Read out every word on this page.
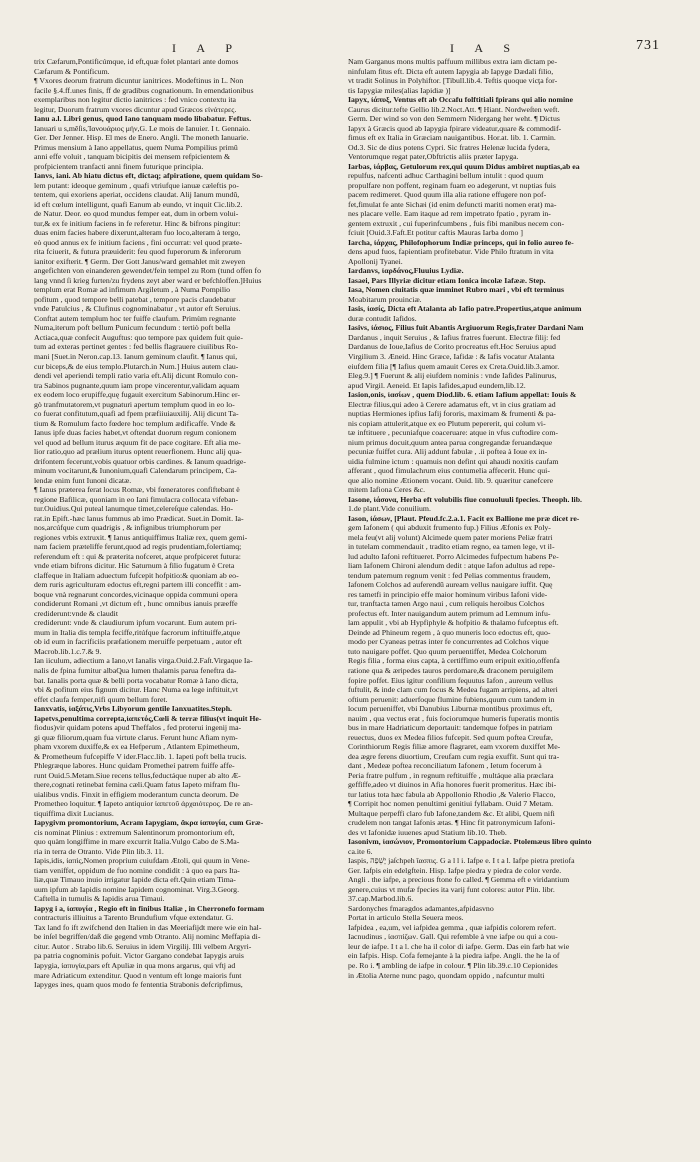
I A P	I A S	731
trix Cæfarum,Pontificúmque, id eft,quæ folet plantari ante domos
Cæfarum & Pontificum.
¶ Vxores deorum fratrum dicuntur ianitrices. Modeftinus in L. Non
facile §.4.ff.unes finis, ff de gradibus cognationum. In emendationibus
exemplaribus non legitur dictio ianitrices : fed vnico contextu ita
legitur, Duorum fratrum vxores dicuntur apud Græcos εἰνάτερες.
Ianu a.l. Libri genus, quod Iano tanquam modo libabatur. Feftus.
Ianuari u s,mẽſis,Ἰανουάριος μήν,G. Le mois de Ianuier. I t. Gennaio.
Ger. Der Jenner. Hisp. El mes de Enero. Angli. The moneth Ianuarie.
Primus mensium à Iano appellatus, quem Numa Pompilius primũ
anni effe voluit , tanquam bicipitis dei mensem refpicientem &
profpicientem tranfacti anni finem futurique principia.
Ianvs, iani. Ab hiatu dictus eft, dictaq; afpiratione, quem quidam So-
lem putant: ideoque geminum , quafi vtriufque ianuæ cæleftis po-
tentem, qui exoriens aperiat, occidens claudat. Alij Ianum mundũ,
id eft cœlum intelligunt, quafi Eanum ab eundo, vt inquit Cic.lib.2.
de Natur. Deor. eo quod mundus femper eat, dum in orbem volui-
tur,& ex fe initium faciens in fe referetur. Hinc & bifrons pingitur:
duas enim facies habere dixerunt,alteram fuo loco,alteram à tergo,
eò quod annus ex fe initium faciens , fini occurrat: vel quod præte-
rita fciuerit, & futura præuiderit: feu quod fuperorum & inferorum
ianitor exifterit. ¶ Germ. Der Gott Janus/ward gemahlet mit zweyen
angefichten von einanderen gewendet/fein tempel zu Rom (tund offen fo
lang vnnd ſi krieg furten/zu frydens zeyt aber ward er befchloffen.]Huius
templum erat Romæ ad infimum Argiletum , à Numa Pompilio
pofitum , quod tempore belli patebat , tempore pacis claudebatur
vnde Patulcius , & Clufinus cognominabatur , vt autor eft Seruius.
Conftat autem templum hoc ter fuiffe claufum. Primùm regnante
Numa,iterum poft bellum Punicum fecundum : tertiò poft bella
Actiaca,quæ confecit Auguftus: quo tempore pax quidem fuit quie-
tum ad exteras pertinet gentes : fed bellis flagrauere ciuilibus Ro-
mani [Suet.in Neron.cap.13. Ianum geminum claufit. ¶ Ianus qui,
cur biceps,& de eius templo.Plutarch.in Num.] Huius autem clau-
dendi vel aperiendi templi ratio varia eft.Alij dicunt Romulo con-
tra Sabinos pugnante,quum iam prope vincerentur,validam aquam
ex eodem loco erupiffe,quę fugauit exercitum Sabinorum.Hinc er-
gò tranfmutatorem,vt pugnaturi apertum templum quod in eo lo-
co fuerat confitutum,quafi ad fpem præfiiuiauxilij. Alij dicunt Ta-
tium & Romulum facto fœdere hoc templum ædificaffe. Vnde &
Ianus ipfe duas facies habet,vt oftendat duorum regum conionem
vel quod ad bellum iturus æquum fit de pace cogitare. Eft alia me-
lior ratio,quo ad prælium iturus optent reuerfionem. Hunc alij qua-
drifontem fecerunt,vobis quatuor orbis cardines. & Ianum quadrige-
minum vocitarunt,& Iunonium,quafi Calendarum principem, Ca-
lendæ enim funt Iunoni dicatæ.
¶ Ianus præterea ferat locus Romæ, vbi fœneratores confiftebant è
regione Bafilicæ, quoniam in eo Iani fimulacra collocata vifeban-
tur.Ouidius.Qui puteal lanumque timet,celereſque calendas. Ho-
rat.in Epift.-hæc lanus fummus ab imo Prædicat. Suet.in Domit. Ia-
nos,arcúfque cum quadrigis , & infignibus triumphorum per
regiones vrbis extruxit. ¶ Ianus antiquiffimus Italiæ rex, quem gemi-
nam faciem præteliffe ferunt,quod ad regis prudentiam,folertiamq;
referendum eft : qui & præterita nofceret, atque profpiceret futura:
vnde etiam bifrons dicitur. Hic Saturnum à filio fugatum è Creta
claffeque in Italiam aduectum fufcepit hofpitio:& quoniam ab eo-
dem ruris agriculturam edoctus eft,regni partem illi conceffit : am-
boque vnà regnarunt concordes,vicinaque oppida communi opera
condiderunt Romani ,vt dictum eft , hunc omnibus ianuis præeffe
crediderunt:vnde & claudit
crediderunt: vnde & claudiurum ipfum vocarunt. Eum autem pri-
mum in Italia dis templa feciffe,ritúfque facrorum inftituiffe,atque
ob id eum in facrificiis præfationem meruiffe perpetuam , autor eft
Macrob.lib.1.c.7.& 9.
Ian iiculum, adiectium a Iano,vt Ianalis virga.Ouid.2.Faſt.Virgaque Ia-
nalis de fpina fumitur albaQua lumen thalamis parua feneftra da-
bat. Ianalis porta quæ & belli porta vocabatur Romæ à Iano dicta,
vbi & pofitum eius fignum dicitur. Hanc Numa ea lege inftituit,vt
effet claufa femper,nifi quum bellum foret.
Ianxvatis, ἰαξάτις,Vrbs Libyorum gentile Ianxuatites.Steph.
Iapetvs,penultima correpta,ἰαπετός,Cœli & terræ filius(vt inquit He-
fiodus)vir quidam potens apud Theffalos , fed proterui ingenij ma-
gi quæ filiorum,quam fua virtute clarus. Ferunt hunc Afiam nym-
pham vxorem duxiffe,& ex ea Hefperum , Atlantem Epimetheum,
& Prometheum fufcepiffe V ider.Flacc.lib. 1. Iapeti poft bella trucis.
Phlegræque labores. Hunc quidam Prometheí patrem fuiffe affe-
runt Ouid.5.Metam.Siue recens tellus,feductáque nuper ab alto Æ-
there,cognati retinebat femina cæli.Quam fatus Iapeto mifram flu-
uialibus vndis. Finxit in effigiem moderantum cuncta deorum. De
Prometheo loquitur. ¶ Iapeto antiquior ἰαπετοῦ ἀρχαιότερος. De re an-
tiquiffima dixit Lucianus.
Iapygivm promontorium, Acram Iapygiam, ἄκρα ἰαπυγία, cum Græ-
cis nominat Plinius : extremum Salentinorum promontorium eft,
quo quàm longiffime in mare excurrit Italia.Vulgo Cabo de S.Ma-
ria in terra de Otranto. Vide Plin lib.3. 11.
Iapis,idis, ἰαπὶς,Nomen proprium cuiufdam Ætoli, qui quum in Vene-
tiam veniffet, oppidum de fuo nomine condidit : à quo ea pars Ita-
liæ,quæ Timauo inuio irrigatur Iapide dicta eft.Quin etiam Tima-
uum ipfum ab Iapidis nomine Iapidem cognominat. Virg.3.Georg.
Caftella in tumulis & Iapidis arua Timaui.
Iapyg i a, ἰαπυγία , Regio eft in finibus Italiæ , in Cherronefo formam
contracturis illiuitus a Tarento Brundufium vfque extendatur. G.
Tax land fo ift zwifchend den Italien in das Meeriafijdt mere wie ein hal-
be inſel begriffen/daß die gegend vmb Otranto. Alij nominc Meffapia di-
citur. Autor . Strabo lib.6. Seruius in idem Virgilij. Illi velbem Argyri-
pa patria cognominis pofuit. Victor Gargano condebat Iapygis aruis
Iapygia, ἰαπυγία,pars eft Apuliæ in qua mons argarus, qui vftj ad
mare Adriaticum extenditur. Quod n ventum eft longe maioris funt
Iapyges ines, quam quos modo fe fententia Strabonis defcripfimus,
Nam Garganus mons multis paffuum millibus extra iam dictam pe-
ninfulam fitus eft. Dicta eft autem Iapygia ab Iapyge Dædali filio,
vt tradit Solinus in Polyhiftor. [Tibull.lib.4. Teftis quoque vicţa for-
tis Iapygiæ miles(alias Iapidiæ )]
Iapyx, ἰάπυξ, Ventus eft ab Occafu folftitiali fpirans qui alio nomine
Caurus dicitur.tefte Gellio lib.2.Noct.Att. ¶ Hiant. Nordweſten weft.
Germ. Der wind so von den Semmern Nidergang her weht. ¶ Dictus
Iapyx à Græcis quod ab Iapygia fpirare videatur,quare & commodif-
fimus eft ex Italia in Græciam nauigantibus. Hor.at. lib. 1. Carmin.
Od.3. Sic de dius potens Cypri. Sic fratres Helenæ lucida fydera,
Ventorumque regat pater,Obftrictis aliis præter Iapyga.
Iarbas, ἰάρβας, Getulorum rex,qui quum Didus ambiret nuptias,ab ea
repulfus, nafcenti adhuc Carthagini bellum intulit : quod quum
propulfare non poffent, reginam fuam eo adegerunt, vt nuptias fuis
pacem redimeret. Quod quum illa alia ratione effugere non pof-
fet,fimulat fe ante Sichæi (id enim defuncti mariti nomen erat) ma-
nes placare velle. Eam itaque ad rem impetrato fpatio , pyram in-
gentem extruxit , cui fuperinfcumbens , fuis fibi manibus necem con-
fciuit [Ouid.3.Faft.Et potitur caftis Mauras Iarba domo ]
Iarcha, ἰάρχας, Philofophorum Indiæ princeps, qui in folio aureo fe-
dens apud fuos, fapientiam profitebatur. Vide Philo ftratum in vita
Apollonij Tyanei.
Iardanvs, ἰαρδάνος,Fluuius Lydiæ.
Iasaei, Pars Illyriæ dicitur etiam Ionica incolæ Iafææ. Step.
Iasa, Nomen ciuitatis quæ imminet Rubro mari , vbi eft terminus
Moabitarum prouinciæ.
Iasis, ἰασίς, Dicta eft Atalanta ab Iafio patre.Propertius,atque animum
duræ contudit Iafidos.
Iasivs, ἰάσιος, Filius fuit Abantis Argiuorum Regis,frater Dardani Nam
Dardanus , inquit Seruius , & Iafius fratres fuerunt. Electræ filij: fed
Dardanus de Ioue,Iafius de Corito procreatus eft.Hoc Seruius apud
Virgilium 3. Æneid. Hinc Græce, Iafidæ : & Iafis vocatur Atalanta
eiufdem filia [¶ Iafius quem amauit Ceres ex Creta.Ouid.lib.3.amor.
Eleg.9.] ¶ Fuerunt & alij eiufdem nominis : vnde Iafides Palinurus,
apud Virgil. Aeneid. Et Iapis Iafides,apud eundem,lib.12.
Iasion,onis, ἰασίων , quem Diod.lib. 6. etiam Iafium appellat: Iouis &
Electræ filius,qui adeo à Cerere adamatus eft, vt in cius gratiam ad
nuptias Hermiones ipfius Iafij fororis, maximam & frumenti & pa-
nis copiam attulerit,atque ex eo Plutum pepererit, qui colum vi-
tæ inftituere , pecuniafque coaceruare: atque in vfus cuftodire com-
nium primus docuit,quum antea parua congregandæ feruandæque
pecuniæ fuiffet cura. Alij addunt fabulæ , .ii poftea à Ioue ex in-
uidia fulmine ictum : quamuis non defint qui ahaudi noxitis caufam
afferant , quod fimulachrum eius contumelia affecerit. Hunc qui-
que alio nomine Ætionem vocant. Ouid. lib. 9. quæritur canefcere
mitem Iafiona Ceres &c.
Iasone, ἰάσονα, Herba eft volubilis fiue conuoluuli fpecies. Theoph. lib.
1.de plant.Vide conuilium.
Iason, ἰάσων, [Plaut. Pfeud.fc.2.a.1. Facit ex Ballione me præ dicet re-
gem Iafonem ( qui abduxit frumento fup.) Filius Æfonis ex Poly-
mela feu(vt alij volunt) Alcimede quem pater moriens Peliæ fratri
in tutelam commendauit , tradito etiam regno, ea tamen lege, vt il-
lud adulto Iafoni reftitueret. Porro Alcimedes fufpectum habens Pe-
liam Iafonem Chironi alendum dedit : atque Iafon adultus ad repe-
tendum paternum regnum venit : fed Pelias commentus fraudem,
Iafonem Colchos ad auferendū auream vellus nauigare iuffit. Quę
res tametfi in principio effe maior hominum viribus Iafoni vide-
tur, tranftacta tamen Argo naui , cum reliquis heroibus Colchos
profectus eft. Inter nauigandum autem primum ad Lemnum infu-
lam appulit , vbi ab Hypfiphyle & hofpitio & thalamo fufceptus eft.
Deinde ad Phineum regem , à quo muneris loco edoctus eft, quo-
modo per Cyaneas petras inter fe concurrentes ad Colchos vique
tuto nauigare poffet. Quo quum peruentiffet, Medea Colchorum
Regis filia , forma eius capta, à certiffimo eum eripuit exitio,offenfa
ratione qua & æripedes tauros perdomare,& draconem peruigilem
fopire poffet. Eius igitur confilium fequutus Iafon , aureum vellus
fuftulit, & inde clam cum focus & Medea fugam arripiens, ad alteri
oftium peruenit: aduerfoque flumine fubiens,quum cum tandem in
locum perueniffet, vbi Danubius Liburnæ montibus proximus eft,
nauim , qua vectus erat , fuis fociorumque humeris fuperatis montis
bus in mare Hadriaticum deportauit: tandemque fofpes in patriam
reuectus, duos ex Medea filios fufcepit. Sed quum poftea Creufæ,
Corinthiorum Regis filiæ amore flagraret, eam vxorem duxiffet Me-
dea ægre ferens diuortium, Creufam cum regia exuffit. Sunt qui tra-
dant , Medeæ poftea reconciliatum Iafonem , Ietum focerum à
Peria fratre pulfum , in regnum reftituiffe , multáque alia præclara
geffiffe,adeo vt diuinos in Afia honores fuerit promeritus. Hæc ibi-
tur latius tota hæc fabula ab Appollonio Rhodio ,& Valerio Flacco,
¶ Corripit hoc nomen penultimi genitiui fyllabam. Ouid 7 Metam.
Multaque perpeffi claro fub Iafone,tandem &c. Et alibi, Quem nifi
crudelem non tangat Iafonis ætas. ¶ Hinc fit patronymicum Iafoni-
des vt Iafonidæ iuuenes apud Statium lib.10. Theb.
Iasonivm, ἰασώνιον, Promontorium Cappadociæ. Ptolemæus libro quinto
ca.ite 6.
Iaspis, יָשְׁפֵה jaſchpeh ἴασπις. G a l l i. Iafpe e. I t a l. Iafpe pietra pretiofa
Ger. Iafpis ein edelgftein. Hisp. Iafpe piedra y piedra de color verde.
Angli . the iafpe, a precious ftone fo called. ¶ Gemma eft e viridantium
genere,cuius vt mufæ fpecies ita varij funt colores: autor Plin. libr.
37.cap.Marbod.lib.6.
Sardonyches fmaragdos adamantes,afpidasvno
Portat in articulo Stella Seuera meos.
Iafpidea , ea,um, vel iafpidea gemma , quæ iafpidis colorem refert.
Iacnudinus , ἰασπίζων. Gall. Qui refemble à vne iafpe ou qui a cou-
leur de iafpe. I t a l. che ha il color di iafpe. Germ. Das ein farb hat wie
ein Iafpis. Hisp. Cofa femejante à la piedra iafpe. Angli. the he la of
pe. Ro i. ¶ ambling de iafpe in colour. ¶ Plin lib.39.c.10 Cepionides
in Ætolia Aterne nunc pago, quondam oppido , nafcuntur multi
